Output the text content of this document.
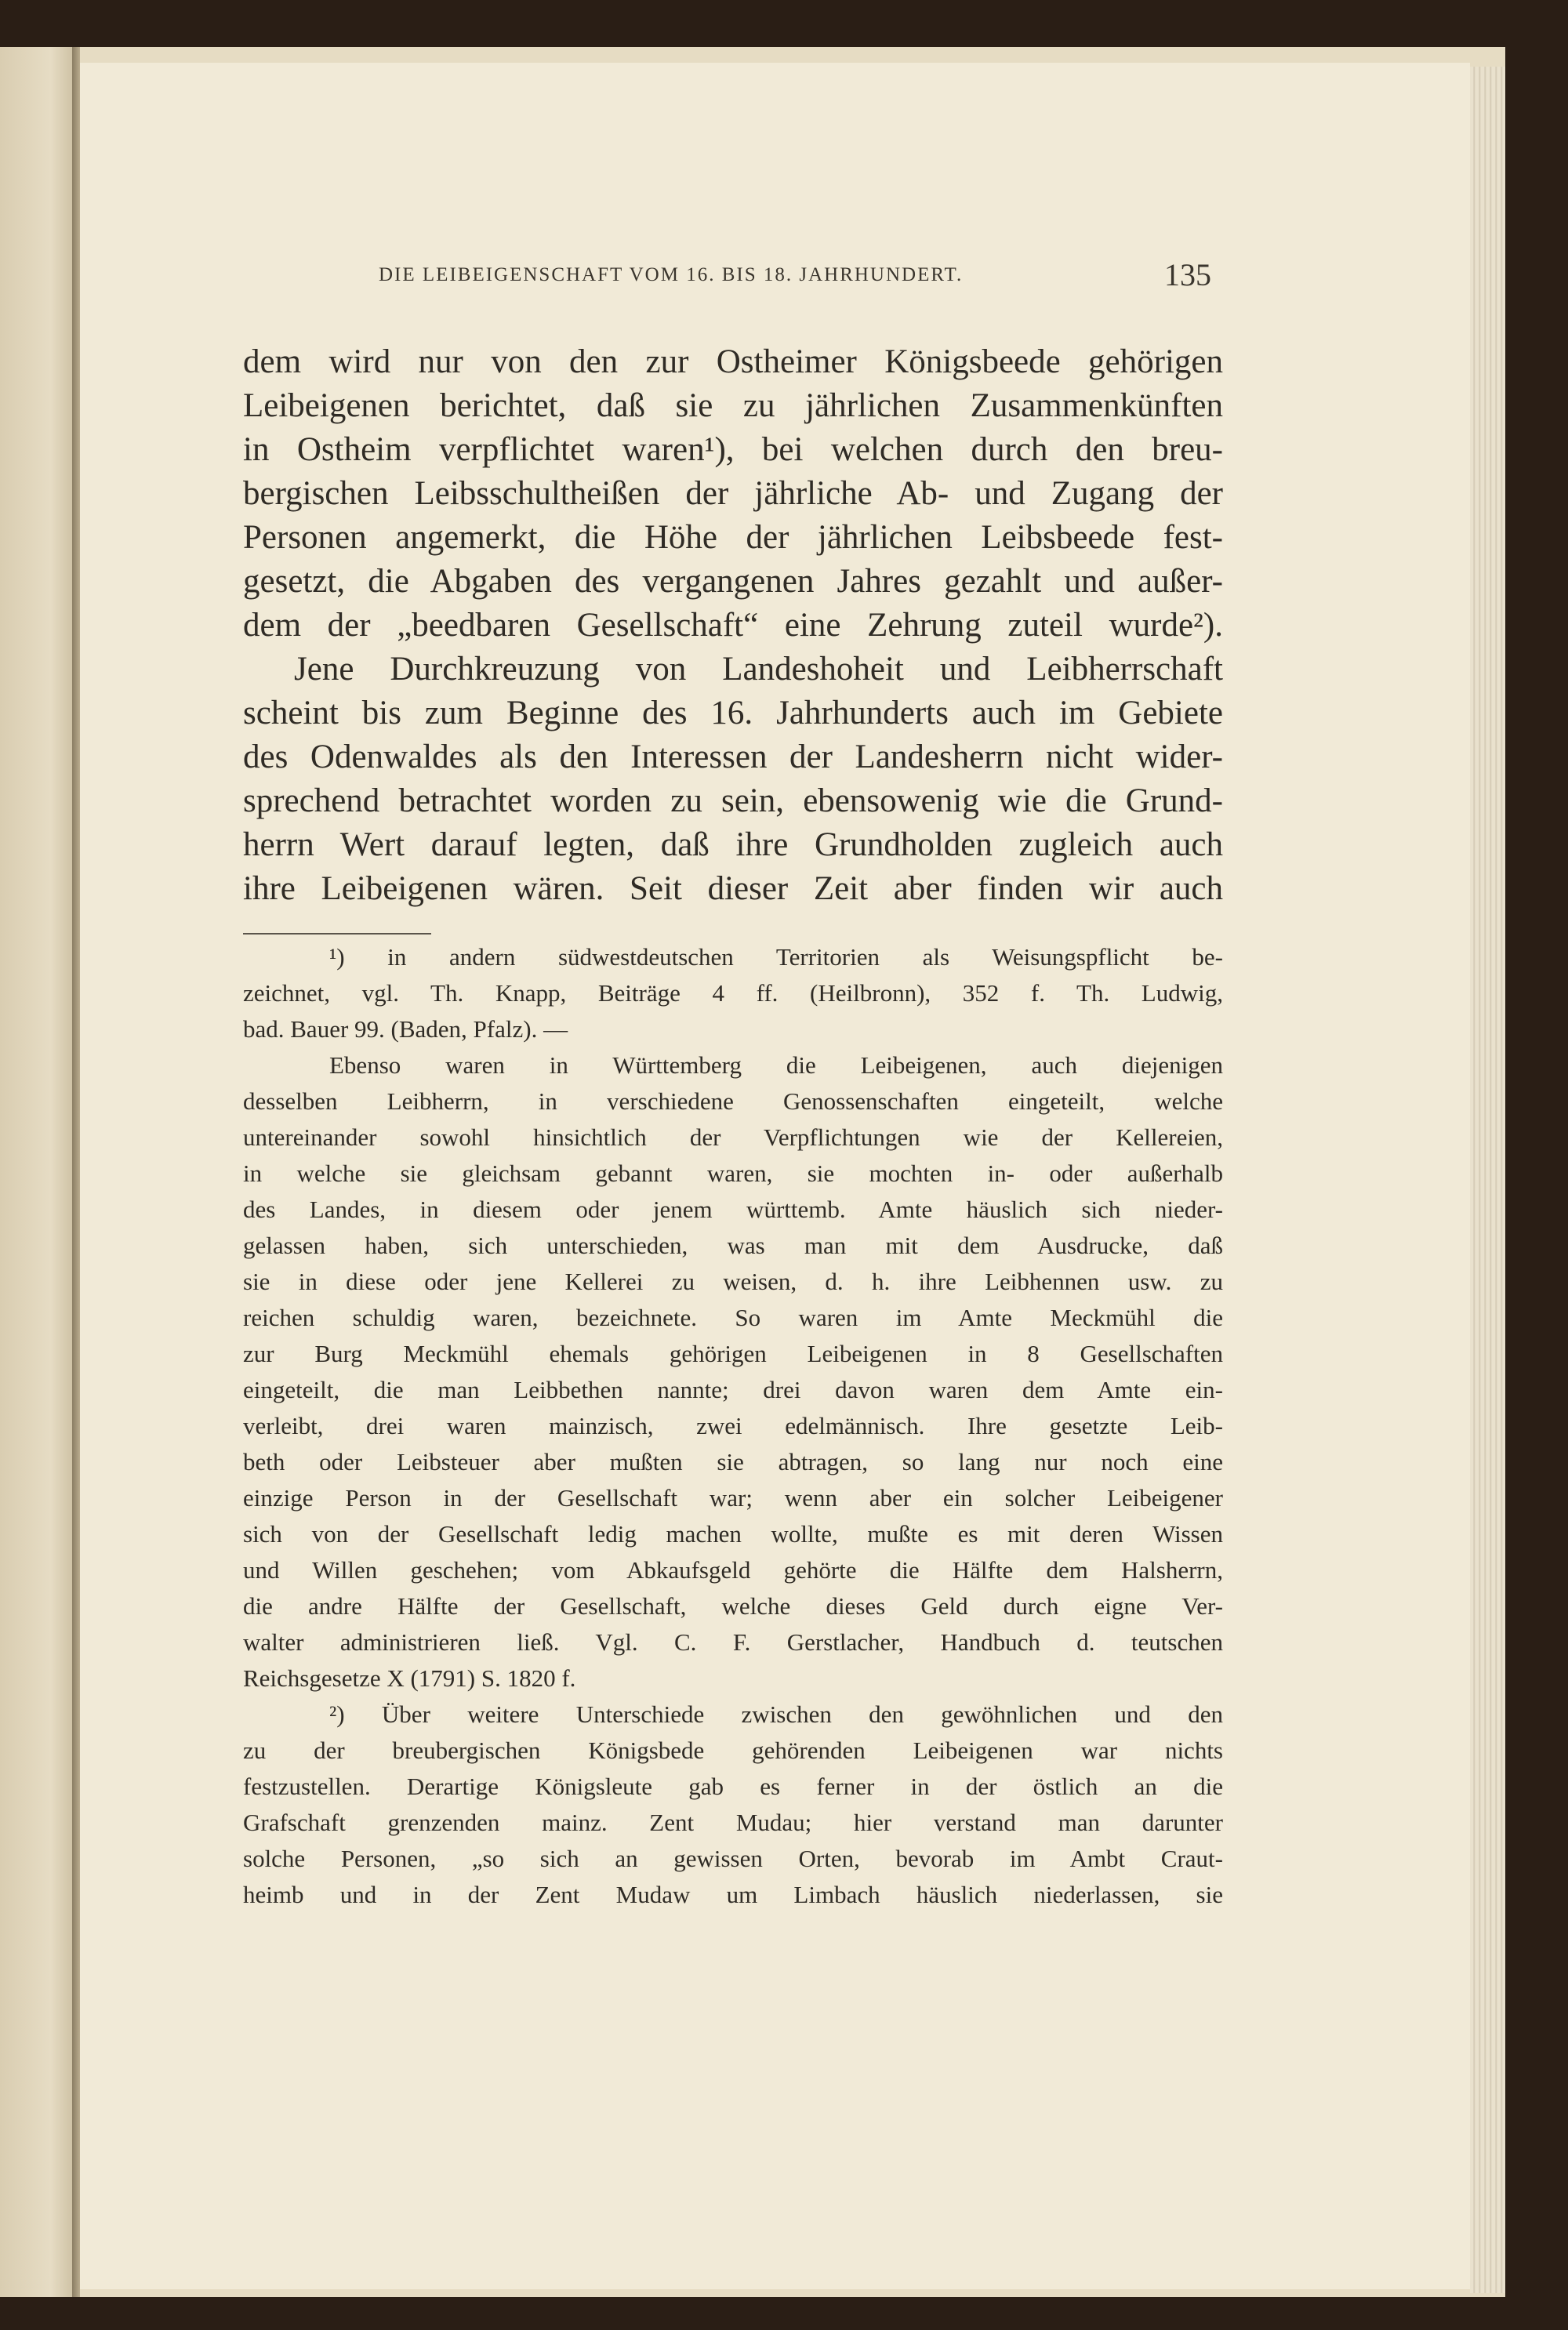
DIE LEIBEIGENSCHAFT VOM 16. BIS 18. JAHRHUNDERT.	135
dem wird nur von den zur Ostheimer Königsbeede gehörigen
Leibeigenen berichtet, daß sie zu jährlichen Zusammenkünften
in Ostheim verpflichtet waren¹), bei welchen durch den breu-
bergischen Leibsschultheißen der jährliche Ab- und Zugang der
Personen angemerkt, die Höhe der jährlichen Leibsbeede fest-
gesetzt, die Abgaben des vergangenen Jahres gezahlt und außer-
dem der „beedbaren Gesellschaft“ eine Zehrung zuteil wurde²).
Jene Durchkreuzung von Landeshoheit und Leibherrschaft
scheint bis zum Beginne des 16. Jahrhunderts auch im Gebiete
des Odenwaldes als den Interessen der Landesherrn nicht wider-
sprechend betrachtet worden zu sein, ebensowenig wie die Grund-
herrn Wert darauf legten, daß ihre Grundholden zugleich auch
ihre Leibeigenen wären. Seit dieser Zeit aber finden wir auch
¹) in andern südwestdeutschen Territorien als Weisungspflicht be-
zeichnet, vgl. Th. Knapp, Beiträge 4 ff. (Heilbronn), 352 f. Th. Ludwig,
bad. Bauer 99. (Baden, Pfalz). —
Ebenso waren in Württemberg die Leibeigenen, auch diejenigen
desselben Leibherrn, in verschiedene Genossenschaften eingeteilt, welche
untereinander sowohl hinsichtlich der Verpflichtungen wie der Kellereien,
in welche sie gleichsam gebannt waren, sie mochten in- oder außerhalb
des Landes, in diesem oder jenem württemb. Amte häuslich sich nieder-
gelassen haben, sich unterschieden, was man mit dem Ausdrucke, daß
sie in diese oder jene Kellerei zu weisen, d. h. ihre Leibhennen usw. zu
reichen schuldig waren, bezeichnete. So waren im Amte Meckmühl die
zur Burg Meckmühl ehemals gehörigen Leibeigenen in 8 Gesellschaften
eingeteilt, die man Leibbethen nannte; drei davon waren dem Amte ein-
verleibt, drei waren mainzisch, zwei edelmännisch. Ihre gesetzte Leib-
beth oder Leibsteuer aber mußten sie abtragen, so lang nur noch eine
einzige Person in der Gesellschaft war; wenn aber ein solcher Leibeigener
sich von der Gesellschaft ledig machen wollte, mußte es mit deren Wissen
und Willen geschehen; vom Abkaufsgeld gehörte die Hälfte dem Halsherrn,
die andre Hälfte der Gesellschaft, welche dieses Geld durch eigne Ver-
walter administrieren ließ. Vgl. C. F. Gerstlacher, Handbuch d. teutschen
Reichsgesetze X (1791) S. 1820 f.
²) Über weitere Unterschiede zwischen den gewöhnlichen und den
zu der breubergischen Königsbede gehörenden Leibeigenen war nichts
festzustellen. Derartige Königsleute gab es ferner in der östlich an die
Grafschaft grenzenden mainz. Zent Mudau; hier verstand man darunter
solche Personen, „so sich an gewissen Orten, bevorab im Ambt Craut-
heimb und in der Zent Mudaw um Limbach häuslich niederlassen, sie
